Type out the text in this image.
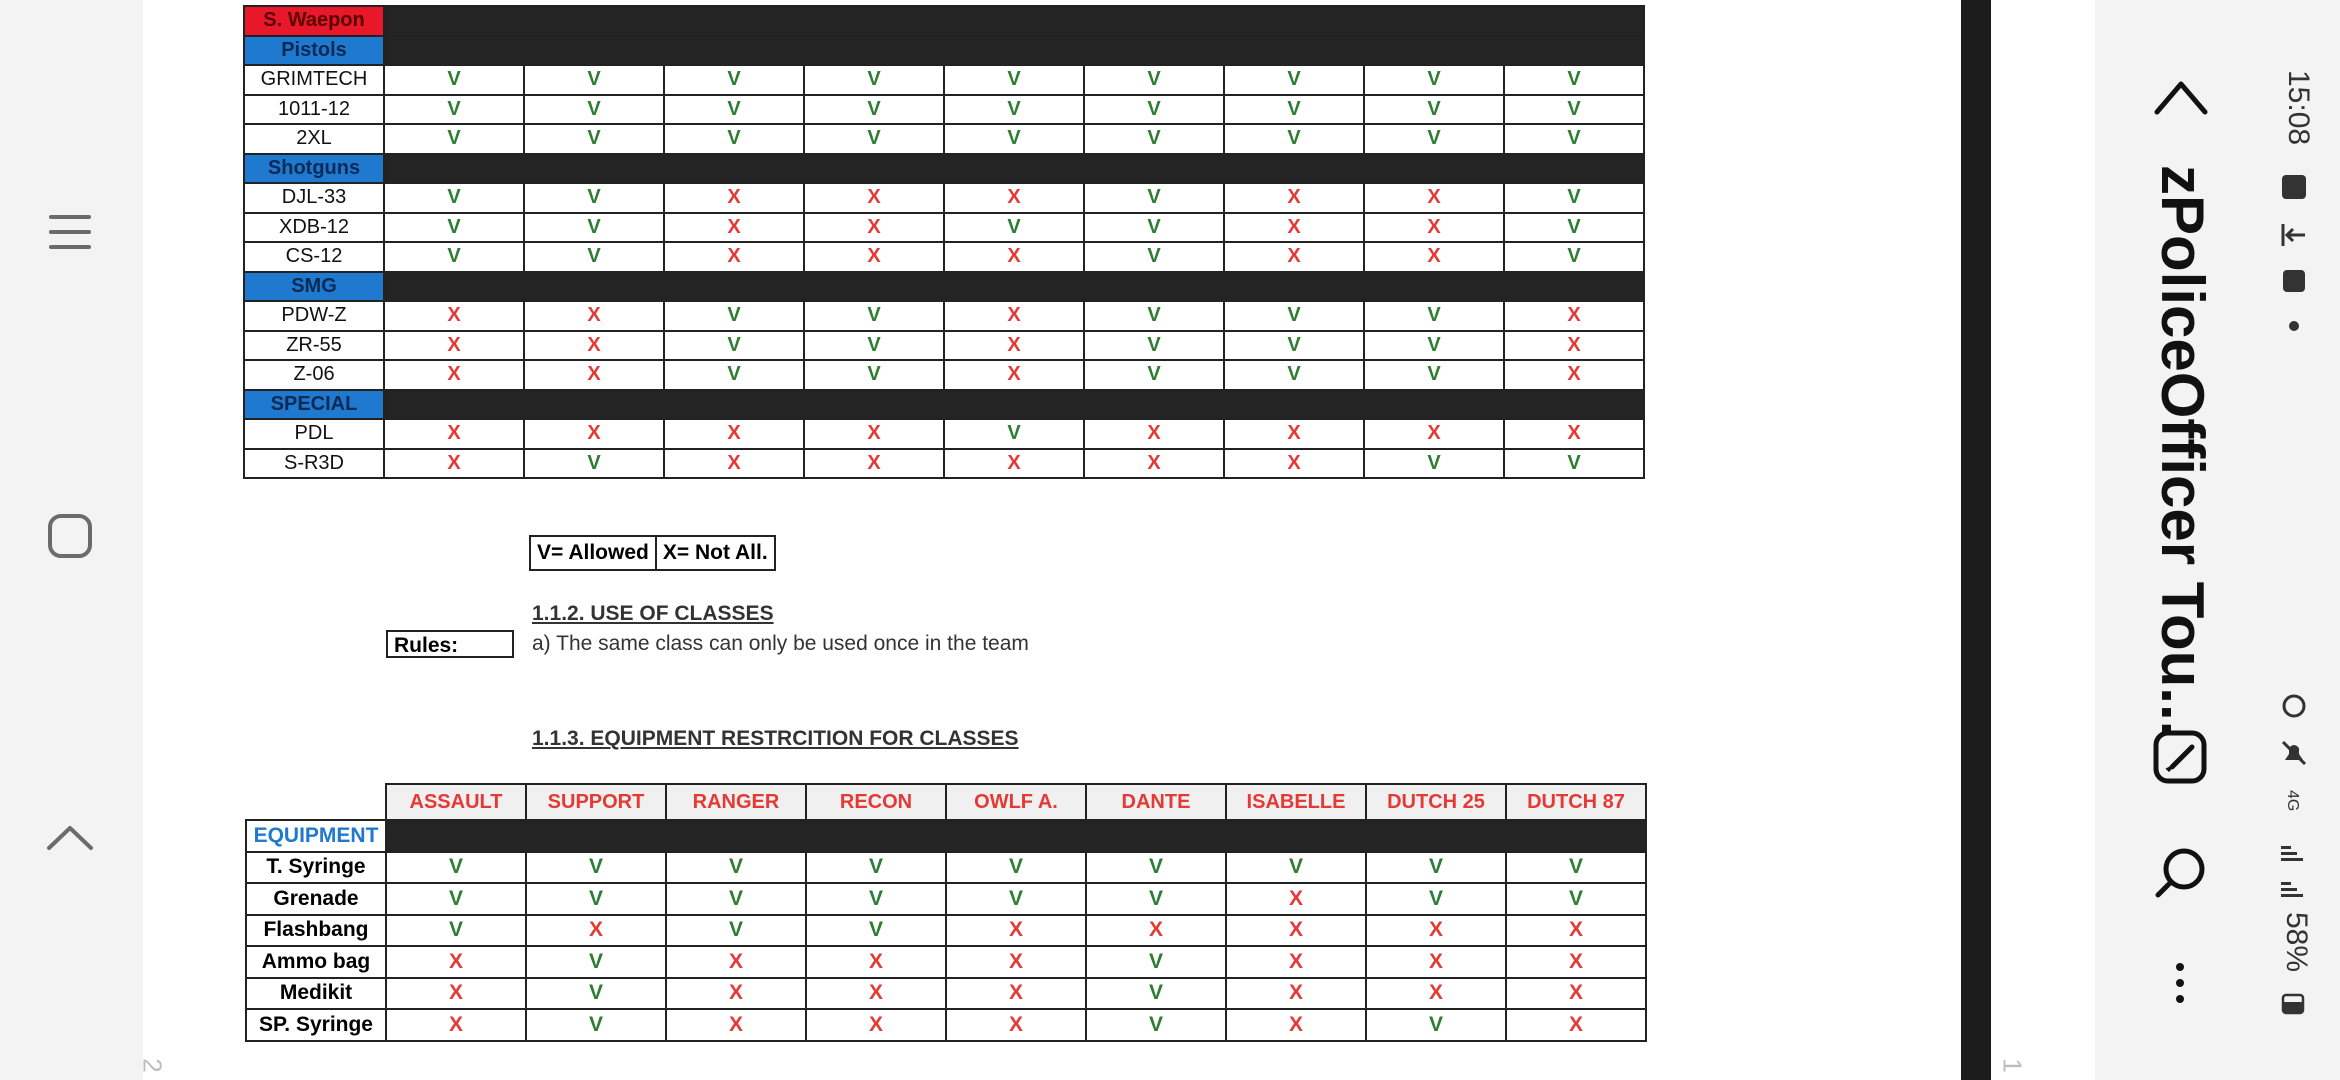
S. Waepon									
Pistols									
GRIMTECH	V	V	V	V	V	V	V	V	V
1011-12	V	V	V	V	V	V	V	V	V
2XL	V	V	V	V	V	V	V	V	V
Shotguns									
DJL-33	V	V	X	X	X	V	X	X	V
XDB-12	V	V	X	X	V	V	X	X	V
CS-12	V	V	X	X	X	V	X	X	V
SMG									
PDW-Z	X	X	V	V	X	V	V	V	X
ZR-55	X	X	V	V	X	V	V	V	X
Z-06	X	X	V	V	X	V	V	V	X
SPECIAL									
PDL	X	X	X	X	V	X	X	X	X
S-R3D	X	V	X	X	X	X	X	V	V
V= Allowed	X= Not All.
1.1.2. USE OF CLASSES
Rules:	a) The same class can only be used once in the team
1.1.3. EQUIPMENT RESTRCITION FOR CLASSES
	ASSAULT	SUPPORT	RANGER	RECON	OWLF A.	DANTE	ISABELLE	DUTCH 25	DUTCH 87
EQUIPMENT									
T. Syringe	V	V	V	V	V	V	V	V	V
Grenade	V	V	V	V	V	V	X	V	V
Flashbang	V	X	V	V	X	X	X	X	X
Ammo bag	X	V	X	X	X	V	X	X	X
Medikit	X	V	X	X	X	V	X	X	X
SP. Syringe	X	V	X	X	X	V	X	V	X
2	1
zPoliceOfficer Tou...
15:08
4G
58%
